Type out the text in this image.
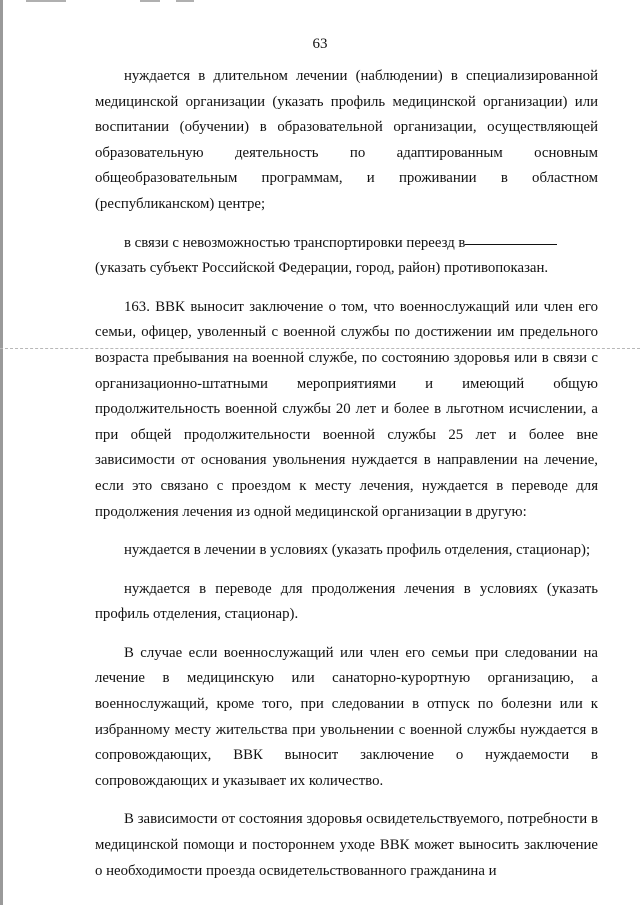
63

нуждается в длительном лечении (наблюдении) в специализированной медицинской организации (указать профиль медицинской организации) или воспитании (обучении) в образовательной организации, осуществляющей образовательную деятельность по адаптированным основным общеобразовательным программам, и проживании в областном (республиканском) центре;

в связи с невозможностью транспортировки переезд в

(указать субъект Российской Федерации, город, район) противопоказан.

163. ВВК выносит заключение о том, что военнослужащий или член его семьи, офицер, уволенный с военной службы по достижении им предельного возраста пребывания на военной службе, по состоянию здоровья или в связи с организационно-штатными мероприятиями и имеющий общую продолжительность военной службы 20 лет и более в льготном исчислении, а при общей продолжительности военной службы 25 лет и более вне зависимости от основания увольнения нуждается в направлении на лечение, если это связано с проездом к месту лечения, нуждается в переводе для продолжения лечения из одной медицинской организации в другую:

нуждается в лечении в условиях (указать профиль отделения, стационар);

нуждается в переводе для продолжения лечения в условиях (указать профиль отделения, стационар).

В случае если военнослужащий или член его семьи при следовании на лечение в медицинскую или санаторно-курортную организацию, а военнослужащий, кроме того, при следовании в отпуск по болезни или к избранному месту жительства при увольнении с военной службы нуждается в сопровождающих, ВВК выносит заключение о нуждаемости в сопровождающих и указывает их количество.

В зависимости от состояния здоровья освидетельствуемого, потребности в медицинской помощи и постороннем уходе ВВК может выносить заключение о необходимости проезда освидетельствованного гражданина и
